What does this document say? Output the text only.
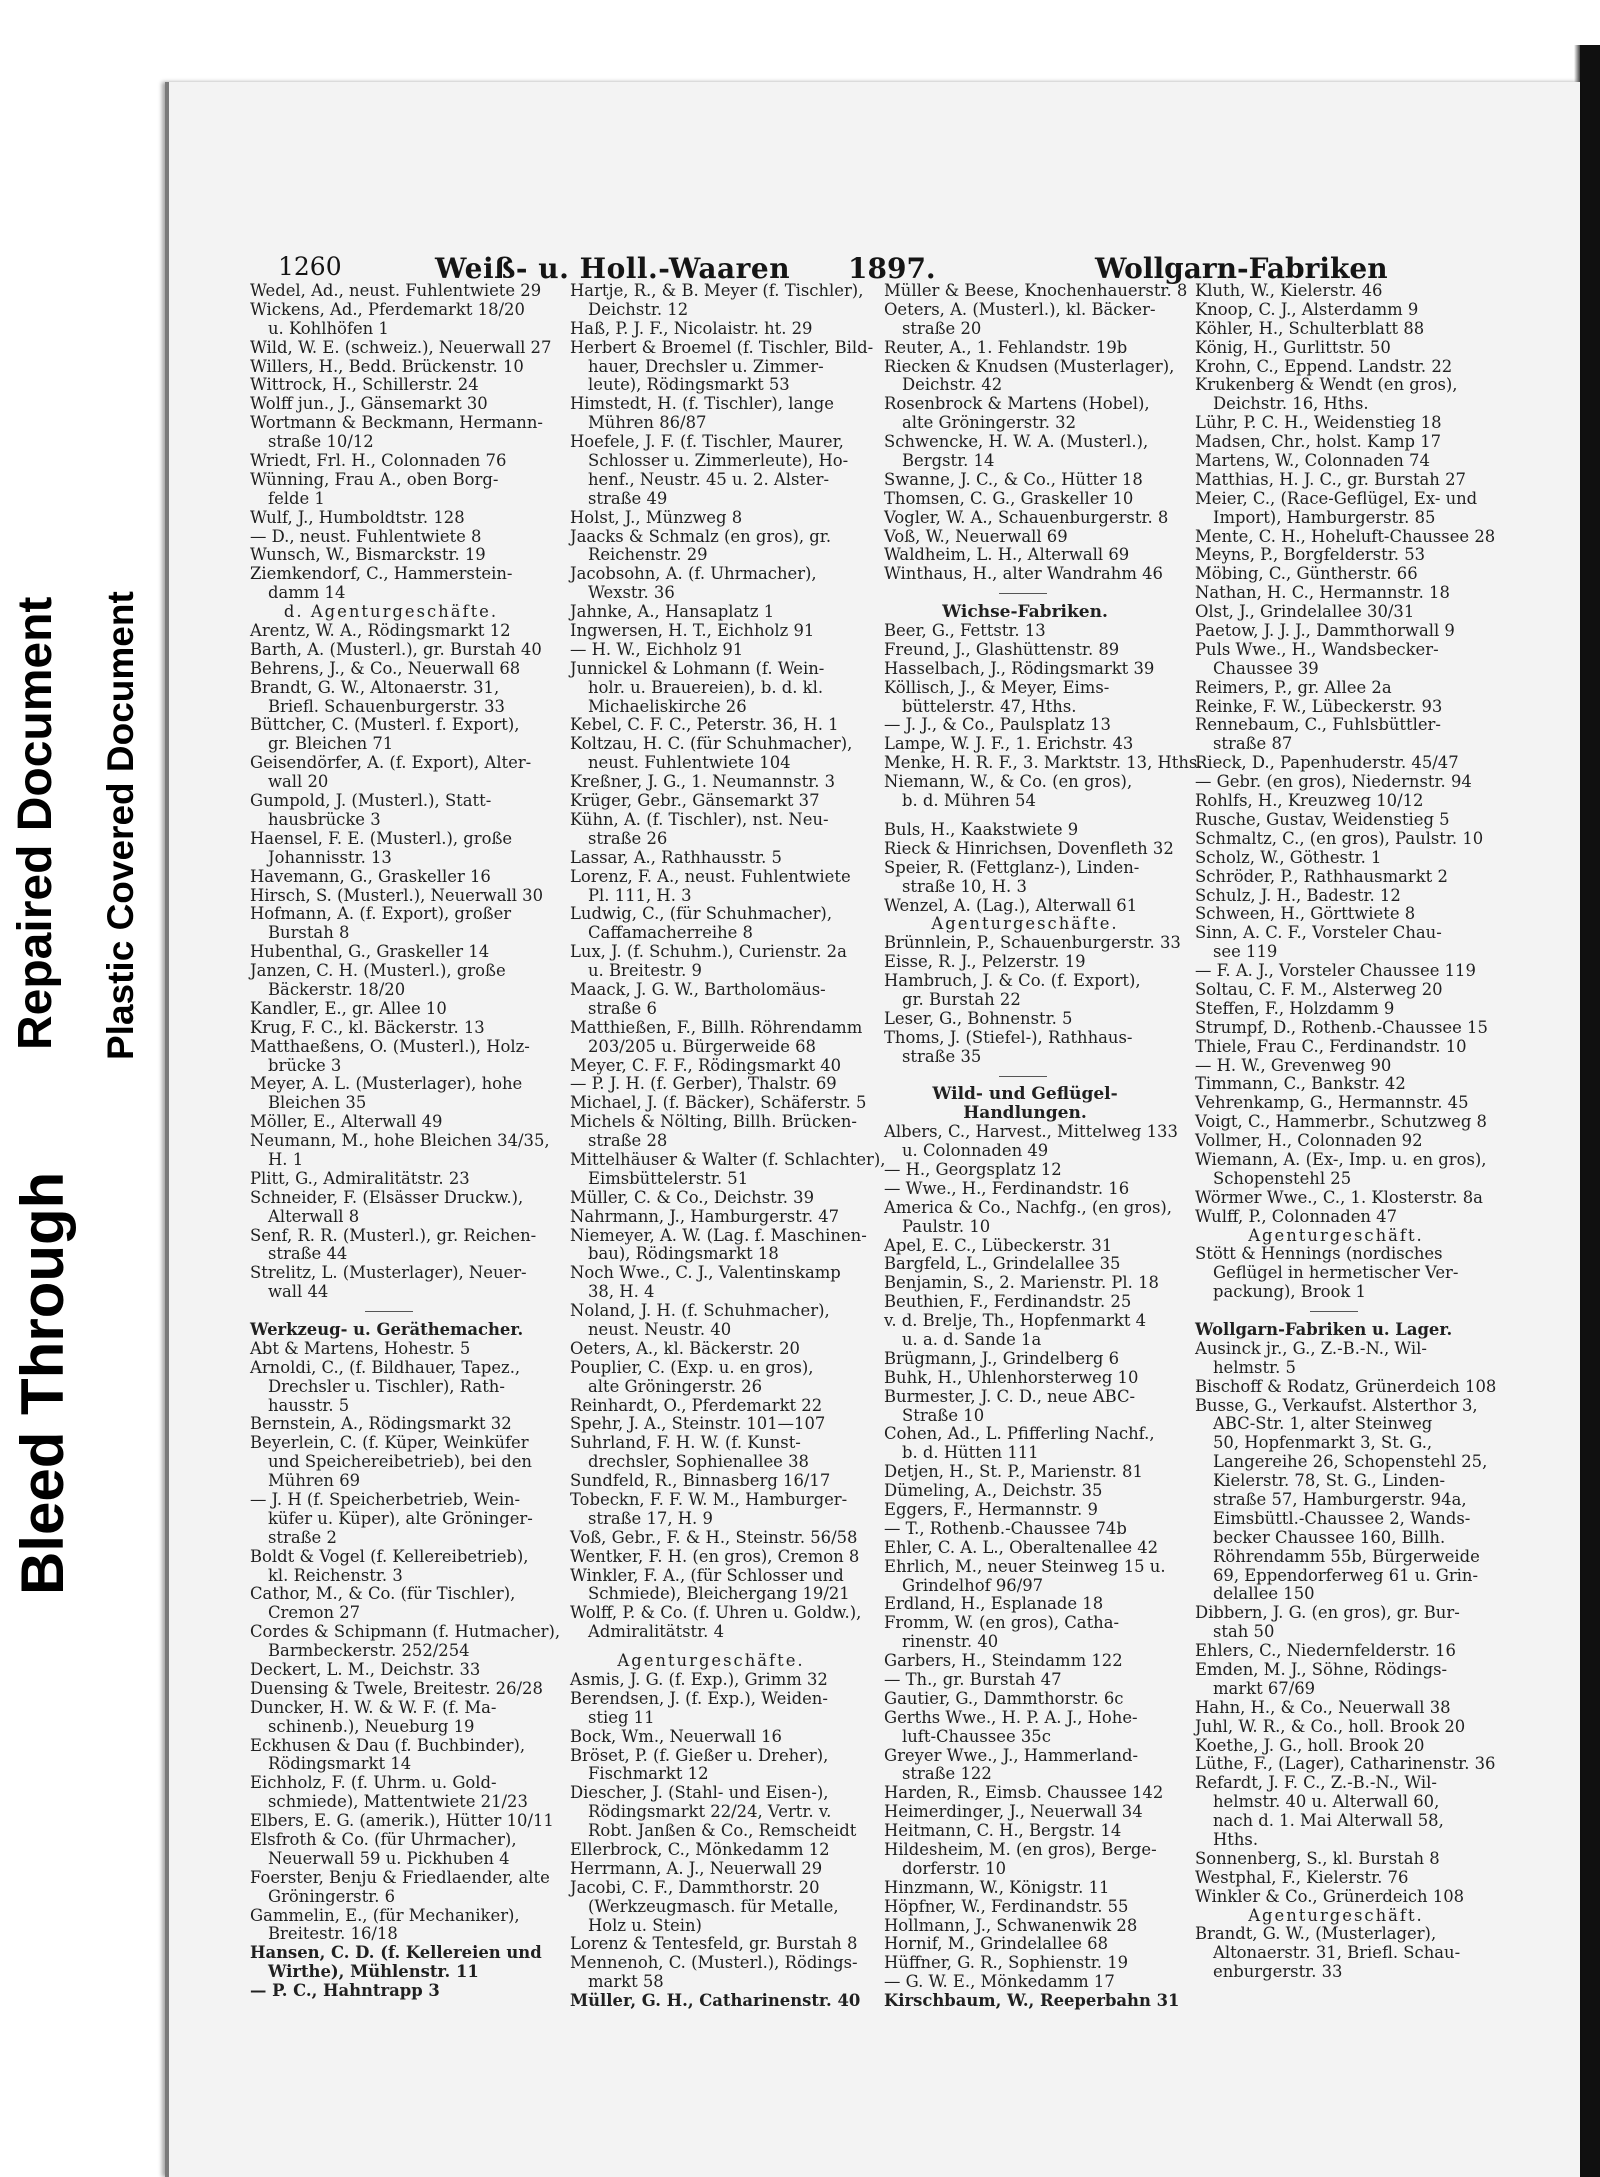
Bleed Through
Repaired Document Plastic Covered Document
1260	Weiß- u. Holl.-Waaren 1897.	Wollgarn-Fabriken
Wedel, Ad., neust. Fuhlentwiete 29
Wickens, Ad., Pferdemarkt 18/20
u. Kohlhöfen 1
Wild, W. E. (schweiz.), Neuerwall 27
Willers, H., Bedd. Brückenstr. 10
Wittrock, H., Schillerstr. 24
Wolff jun., J., Gänsemarkt 30
Wortmann & Beckmann, Hermann-
straße 10/12
Wriedt, Frl. H., Colonnaden 76
Wünning, Frau A., oben Borg-
felde 1
Wulf, J., Humboldtstr. 128
— D., neust. Fuhlentwiete 8
Wunsch, W., Bismarckstr. 19
Ziemkendorf, C., Hammerstein-
damm 14
d. Agenturgeschäfte.
Arentz, W. A., Rödingsmarkt 12
Barth, A. (Musterl.), gr. Burstah 40
Behrens, J., & Co., Neuerwall 68
Brandt, G. W., Altonaerstr. 31,
Briefl. Schauenburgerstr. 33
Büttcher, C. (Musterl. f. Export),
gr. Bleichen 71
Geisendörfer, A. (f. Export), Alter-
wall 20
Gumpold, J. (Musterl.), Statt-
hausbrücke 3
Haensel, F. E. (Musterl.), große
Johannisstr. 13
Havemann, G., Graskeller 16
Hirsch, S. (Musterl.), Neuerwall 30
Hofmann, A. (f. Export), großer
Burstah 8
Hubenthal, G., Graskeller 14
Janzen, C. H. (Musterl.), große
Bäckerstr. 18/20
Kandler, E., gr. Allee 10
Krug, F. C., kl. Bäckerstr. 13
Matthaeßens, O. (Musterl.), Holz-
brücke 3
Meyer, A. L. (Musterlager), hohe
Bleichen 35
Möller, E., Alterwall 49
Neumann, M., hohe Bleichen 34/35,
H. 1
Plitt, G., Admiralitätstr. 23
Schneider, F. (Elsässer Druckw.),
Alterwall 8
Senf, R. R. (Musterl.), gr. Reichen-
straße 44
Strelitz, L. (Musterlager), Neuer-
wall 44
Werkzeug- u. Geräthemacher.
Abt & Martens, Hohestr. 5
Arnoldi, C., (f. Bildhauer, Tapez.,
Drechsler u. Tischler), Rath-
hausstr. 5
Bernstein, A., Rödingsmarkt 32
Beyerlein, C. (f. Küper, Weinküfer
und Speichereibetrieb), bei den
Mühren 69
— J. H (f. Speicherbetrieb, Wein-
küfer u. Küper), alte Gröninger-
straße 2
Boldt & Vogel (f. Kellereibetrieb),
kl. Reichenstr. 3
Cathor, M., & Co. (für Tischler),
Cremon 27
Cordes & Schipmann (f. Hutmacher),
Barmbeckerstr. 252/254
Deckert, L. M., Deichstr. 33
Duensing & Twele, Breitestr. 26/28
Duncker, H. W. & W. F. (f. Ma-
schinenb.), Neueburg 19
Eckhusen & Dau (f. Buchbinder),
Rödingsmarkt 14
Eichholz, F. (f. Uhrm. u. Gold-
schmiede), Mattentwiete 21/23
Elbers, E. G. (amerik.), Hütter 10/11
Elsfroth & Co. (für Uhrmacher),
Neuerwall 59 u. Pickhuben 4
Foerster, Benju & Friedlaender, alte
Gröningerstr. 6
Gammelin, E., (für Mechaniker),
Breitestr. 16/18
Hansen, C. D. (f. Kellereien und
Wirthe), Mühlenstr. 11
— P. C., Hahntrapp 3
Hartje, R., & B. Meyer (f. Tischler),
Deichstr. 12
Haß, P. J. F., Nicolaistr. ht. 29
Herbert & Broemel (f. Tischler, Bild-
hauer, Drechsler u. Zimmer-
leute), Rödingsmarkt 53
Himstedt, H. (f. Tischler), lange
Mühren 86/87
Hoefele, J. F. (f. Tischler, Maurer,
Schlosser u. Zimmerleute), Ho-
henf., Neustr. 45 u. 2. Alster-
straße 49
Holst, J., Münzweg 8
Jaacks & Schmalz (en gros), gr.
Reichenstr. 29
Jacobsohn, A. (f. Uhrmacher),
Wexstr. 36
Jahnke, A., Hansaplatz 1
Ingwersen, H. T., Eichholz 91
— H. W., Eichholz 91
Junnickel & Lohmann (f. Wein-
holr. u. Brauereien), b. d. kl.
Michaeliskirche 26
Kebel, C. F. C., Peterstr. 36, H. 1
Koltzau, H. C. (für Schuhmacher),
neust. Fuhlentwiete 104
Kreßner, J. G., 1. Neumannstr. 3
Krüger, Gebr., Gänsemarkt 37
Kühn, A. (f. Tischler), nst. Neu-
straße 26
Lassar, A., Rathhausstr. 5
Lorenz, F. A., neust. Fuhlentwiete
Pl. 111, H. 3
Ludwig, C., (für Schuhmacher),
Caffamacherreihe 8
Lux, J. (f. Schuhm.), Curienstr. 2a
u. Breitestr. 9
Maack, J. G. W., Bartholomäus-
straße 6
Matthießen, F., Billh. Röhrendamm
203/205 u. Bürgerweide 68
Meyer, C. F. F., Rödingsmarkt 40
— P. J. H. (f. Gerber), Thalstr. 69
Michael, J. (f. Bäcker), Schäferstr. 5
Michels & Nölting, Billh. Brücken-
straße 28
Mittelhäuser & Walter (f. Schlachter),
Eimsbüttelerstr. 51
Müller, C. & Co., Deichstr. 39
Nahrmann, J., Hamburgerstr. 47
Niemeyer, A. W. (Lag. f. Maschinen-
bau), Rödingsmarkt 18
Noch Wwe., C. J., Valentinskamp
38, H. 4
Noland, J. H. (f. Schuhmacher),
neust. Neustr. 40
Oeters, A., kl. Bäckerstr. 20
Pouplier, C. (Exp. u. en gros),
alte Gröningerstr. 26
Reinhardt, O., Pferdemarkt 22
Spehr, J. A., Steinstr. 101—107
Suhrland, F. H. W. (f. Kunst-
drechsler, Sophienallee 38
Sundfeld, R., Binnasberg 16/17
Tobeckn, F. F. W. M., Hamburger-
straße 17, H. 9
Voß, Gebr., F. & H., Steinstr. 56/58
Wentker, F. H. (en gros), Cremon 8
Winkler, F. A., (für Schlosser und
Schmiede), Bleichergang 19/21
Wolff, P. & Co. (f. Uhren u. Goldw.),
Admiralitätstr. 4
Agenturgeschäfte.
Asmis, J. G. (f. Exp.), Grimm 32
Berendsen, J. (f. Exp.), Weiden-
stieg 11
Bock, Wm., Neuerwall 16
Bröset, P. (f. Gießer u. Dreher),
Fischmarkt 12
Diescher, J. (Stahl- und Eisen-),
Rödingsmarkt 22/24, Vertr. v.
Robt. Janßen & Co., Remscheidt
Ellerbrock, C., Mönkedamm 12
Herrmann, A. J., Neuerwall 29
Jacobi, C. F., Dammthorstr. 20
(Werkzeugmasch. für Metalle,
Holz u. Stein)
Lorenz & Tentesfeld, gr. Burstah 8
Mennenoh, C. (Musterl.), Rödings-
markt 58
Müller, G. H., Catharinenstr. 40
Müller & Beese, Knochenhauerstr. 8
Oeters, A. (Musterl.), kl. Bäcker-
straße 20
Reuter, A., 1. Fehlandstr. 19b
Riecken & Knudsen (Musterlager),
Deichstr. 42
Rosenbrock & Martens (Hobel),
alte Gröningerstr. 32
Schwencke, H. W. A. (Musterl.),
Bergstr. 14
Swanne, J. C., & Co., Hütter 18
Thomsen, C. G., Graskeller 10
Vogler, W. A., Schauenburgerstr. 8
Voß, W., Neuerwall 69
Waldheim, L. H., Alterwall 69
Winthaus, H., alter Wandrahm 46
Wichse-Fabriken.
Beer, G., Fettstr. 13
Freund, J., Glashüttenstr. 89
Hasselbach, J., Rödingsmarkt 39
Köllisch, J., & Meyer, Eims-
büttelerstr. 47, Hths.
— J. J., & Co., Paulsplatz 13
Lampe, W. J. F., 1. Erichstr. 43
Menke, H. R. F., 3. Marktstr. 13, Hths.
Niemann, W., & Co. (en gros),
b. d. Mühren 54
Buls, H., Kaakstwiete 9
Rieck & Hinrichsen, Dovenfleth 32
Speier, R. (Fettglanz-), Linden-
straße 10, H. 3
Wenzel, A. (Lag.), Alterwall 61
Agenturgeschäfte.
Brünnlein, P., Schauenburgerstr. 33
Eisse, R. J., Pelzerstr. 19
Hambruch, J. & Co. (f. Export),
gr. Burstah 22
Leser, G., Bohnenstr. 5
Thoms, J. (Stiefel-), Rathhaus-
straße 35
Wild- und Geflügel-
Handlungen.
Albers, C., Harvest., Mittelweg 133
u. Colonnaden 49
— H., Georgsplatz 12
— Wwe., H., Ferdinandstr. 16
America & Co., Nachfg., (en gros),
Paulstr. 10
Apel, E. C., Lübeckerstr. 31
Bargfeld, L., Grindelallee 35
Benjamin, S., 2. Marienstr. Pl. 18
Beuthien, F., Ferdinandstr. 25
v. d. Brelje, Th., Hopfenmarkt 4
u. a. d. Sande 1a
Brügmann, J., Grindelberg 6
Buhk, H., Uhlenhorsterweg 10
Burmester, J. C. D., neue ABC-
Straße 10
Cohen, Ad., L. Pfifferling Nachf.,
b. d. Hütten 111
Detjen, H., St. P., Marienstr. 81
Dümeling, A., Deichstr. 35
Eggers, F., Hermannstr. 9
— T., Rothenb.-Chaussee 74b
Ehler, C. A. L., Oberaltenallee 42
Ehrlich, M., neuer Steinweg 15 u.
Grindelhof 96/97
Erdland, H., Esplanade 18
Fromm, W. (en gros), Catha-
rinenstr. 40
Garbers, H., Steindamm 122
— Th., gr. Burstah 47
Gautier, G., Dammthorstr. 6c
Gerths Wwe., H. P. A. J., Hohe-
luft-Chaussee 35c
Greyer Wwe., J., Hammerland-
straße 122
Harden, R., Eimsb. Chaussee 142
Heimerdinger, J., Neuerwall 34
Heitmann, C. H., Bergstr. 14
Hildesheim, M. (en gros), Berge-
dorferstr. 10
Hinzmann, W., Königstr. 11
Höpfner, W., Ferdinandstr. 55
Hollmann, J., Schwanenwik 28
Hornif, M., Grindelallee 68
Hüffner, G. R., Sophienstr. 19
— G. W. E., Mönkedamm 17
Kirschbaum, W., Reeperbahn 31
Kluth, W., Kielerstr. 46
Knoop, C. J., Alsterdamm 9
Köhler, H., Schulterblatt 88
König, H., Gurlittstr. 50
Krohn, C., Eppend. Landstr. 22
Krukenberg & Wendt (en gros),
Deichstr. 16, Hths.
Lühr, P. C. H., Weidenstieg 18
Madsen, Chr., holst. Kamp 17
Martens, W., Colonnaden 74
Matthias, H. J. C., gr. Burstah 27
Meier, C., (Race-Geflügel, Ex- und
Import), Hamburgerstr. 85
Mente, C. H., Hoheluft-Chaussee 28
Meyns, P., Borgfelderstr. 53
Möbing, C., Güntherstr. 66
Nathan, H. C., Hermannstr. 18
Olst, J., Grindelallee 30/31
Paetow, J. J. J., Dammthorwall 9
Puls Wwe., H., Wandsbecker-
Chaussee 39
Reimers, P., gr. Allee 2a
Reinke, F. W., Lübeckerstr. 93
Rennebaum, C., Fuhlsbüttler-
straße 87
Rieck, D., Papenhuderstr. 45/47
— Gebr. (en gros), Niedernstr. 94
Rohlfs, H., Kreuzweg 10/12
Rusche, Gustav, Weidenstieg 5
Schmaltz, C., (en gros), Paulstr. 10
Scholz, W., Göthestr. 1
Schröder, P., Rathhausmarkt 2
Schulz, J. H., Badestr. 12
Schween, H., Görttwiete 8
Sinn, A. C. F., Vorsteler Chau-
see 119
— F. A. J., Vorsteler Chaussee 119
Soltau, C. F. M., Alsterweg 20
Steffen, F., Holzdamm 9
Strumpf, D., Rothenb.-Chaussee 15
Thiele, Frau C., Ferdinandstr. 10
— H. W., Grevenweg 90
Timmann, C., Bankstr. 42
Vehrenkamp, G., Hermannstr. 45
Voigt, C., Hammerbr., Schutzweg 8
Vollmer, H., Colonnaden 92
Wiemann, A. (Ex-, Imp. u. en gros),
Schopenstehl 25
Wörmer Wwe., C., 1. Klosterstr. 8a
Wulff, P., Colonnaden 47
Agenturgeschäft.
Stött & Hennings (nordisches
Geflügel in hermetischer Ver-
packung), Brook 1
Wollgarn-Fabriken u. Lager.
Ausinck jr., G., Z.-B.-N., Wil-
helmstr. 5
Bischoff & Rodatz, Grünerdeich 108
Busse, G., Verkaufst. Alsterthor 3,
ABC-Str. 1, alter Steinweg
50, Hopfenmarkt 3, St. G.,
Langereihe 26, Schopenstehl 25,
Kielerstr. 78, St. G., Linden-
straße 57, Hamburgerstr. 94a,
Eimsbüttl.-Chaussee 2, Wands-
becker Chaussee 160, Billh.
Röhrendamm 55b, Bürgerweide
69, Eppendorferweg 61 u. Grin-
delallee 150
Dibbern, J. G. (en gros), gr. Bur-
stah 50
Ehlers, C., Niedernfelderstr. 16
Emden, M. J., Söhne, Rödings-
markt 67/69
Hahn, H., & Co., Neuerwall 38
Juhl, W. R., & Co., holl. Brook 20
Koethe, J. G., holl. Brook 20
Lüthe, F., (Lager), Catharinenstr. 36
Refardt, J. F. C., Z.-B.-N., Wil-
helmstr. 40 u. Alterwall 60,
nach d. 1. Mai Alterwall 58,
Hths.
Sonnenberg, S., kl. Burstah 8
Westphal, F., Kielerstr. 76
Winkler & Co., Grünerdeich 108
Agenturgeschäft.
Brandt, G. W., (Musterlager),
Altonaerstr. 31, Briefl. Schau-
enburgerstr. 33
